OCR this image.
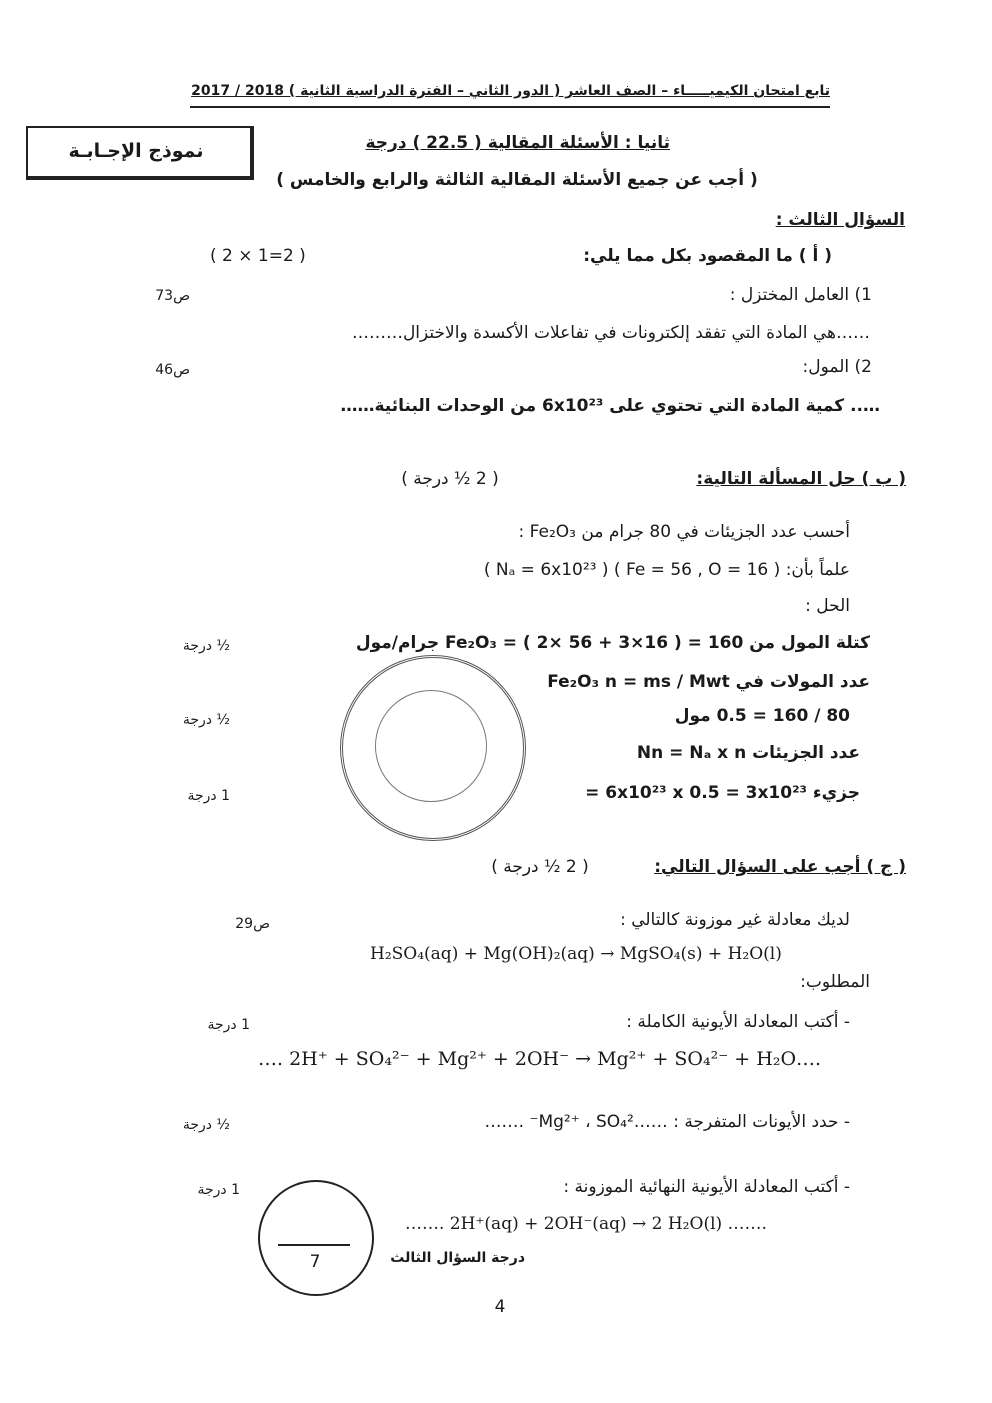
تابع امتحان الكيميـــــاء – الصف العاشر ( الدور الثاني – الفترة الدراسية الثانية ) 2018 / 2017
نموذج الإجـابـة	ثانيا : الأسئلة المقالية ( 22.5 ) درجة
( أجب عن جميع الأسئلة المقالية الثالثة والرابع والخامس )
السؤال الثالث :
( أ ) ما المقصود بكل مما يلي:
( 2 × 1=2 )
1) العامل المختزل :
ص73
……هي المادة التي تفقد إلكترونات في تفاعلات الأكسدة والاختزال………
2) المول:
ص46
….. كمية المادة التي تحتوي على 6x10²³ من الوحدات البنائية……
( ب ) حل المسألة التالية:
( 2 ½ درجة )
أحسب عدد الجزيئات في 80 جرام من Fe₂O₃ :
علماً بأن: ( Fe = 56 , O = 16 ) ( Nₐ = 6x10²³ )
الحل :
كتلة المول من Fe₂O₃ = ( 2× 56 + 3×16 ) = 160 جرام/مول
½ درجة
عدد المولات في Fe₂O₃ n = ms / Mwt
80 / 160 = 0.5 مول
½ درجة
عدد الجزيئات Nn = Nₐ x n
= 6x10²³ x 0.5 = 3x10²³ جزيء
1 درجة
( ج ) أجب على السؤال التالي:
( 2 ½ درجة )
لديك معادلة غير موزونة كالتالي :
ص29
H₂SO₄(aq) + Mg(OH)₂(aq) → MgSO₄(s) + H₂O(l)
المطلوب:
- أكتب المعادلة الأيونية الكاملة :
1 درجة
…. 2H⁺ + SO₄²⁻ + Mg²⁺ + 2OH⁻ → Mg²⁺ + SO₄²⁻ + H₂O….
- حدد الأيونات المتفرجة : ……Mg²⁺ ، SO₄²⁻ …….
½ درجة
- أكتب المعادلة الأيونية النهائية الموزونة :
1 درجة
……. 2H⁺(aq) + 2OH⁻(aq) → 2 H₂O(l) …….
7	درجة السؤال الثالث
4
